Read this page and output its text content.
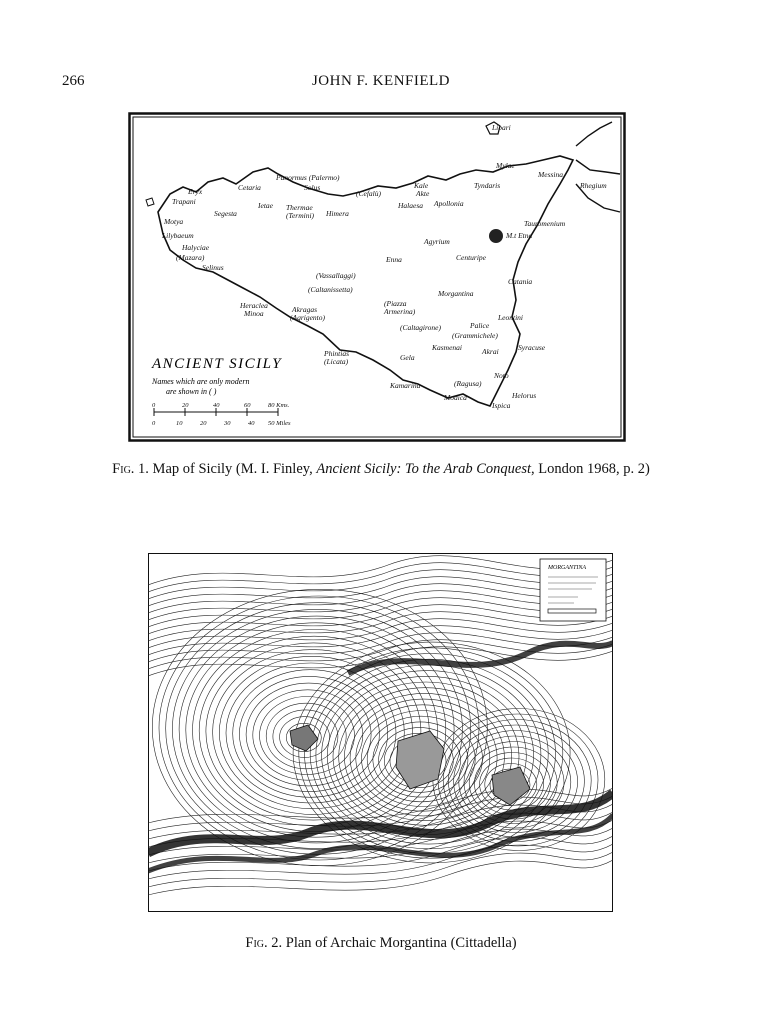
266	JOHN F. KENFIELD
Lipari
Mylae
Messina
Rhegium
Panormus (Palermo)
Solus
Cetaria
Eryx
Trapani
Segesta
Ietae Thermae
(Termini) Himera
(Cefalù)
Kale
Akte
Tyndaris
Halaesa Apollonia
Motya
Lilybaeum
Halyciae
(Mazara)
Selinus
Agyrium
M.t Etna
Tauromenium
Enna	Centuripe
(Vassallaggi)
(Caltanissetta)
Catania
Morgantina
(Piazza
Armerina)
Heraclea
Minoa	Akragas
(Agrigento)	Leontini
(Caltagirone)	Palice
(Grammichele)
Kasmenai	Akrai	Syracuse
Phintias
(Licata)	Gela
Kamarina	(Ragusa)
Noto
Modica
Ispica
Helorus
ANCIENT SICILY
Names which are only modern
are shown in ( )
0	20	40	60	80 Kms.
0	10	20	30	40 50 Miles
Fig. 1. Map of Sicily (M. I. Finley, Ancient Sicily: To the Arab Conquest, London 1968, p. 2)
MORGANTINA
Fig. 2. Plan of Archaic Morgantina (Cittadella)
